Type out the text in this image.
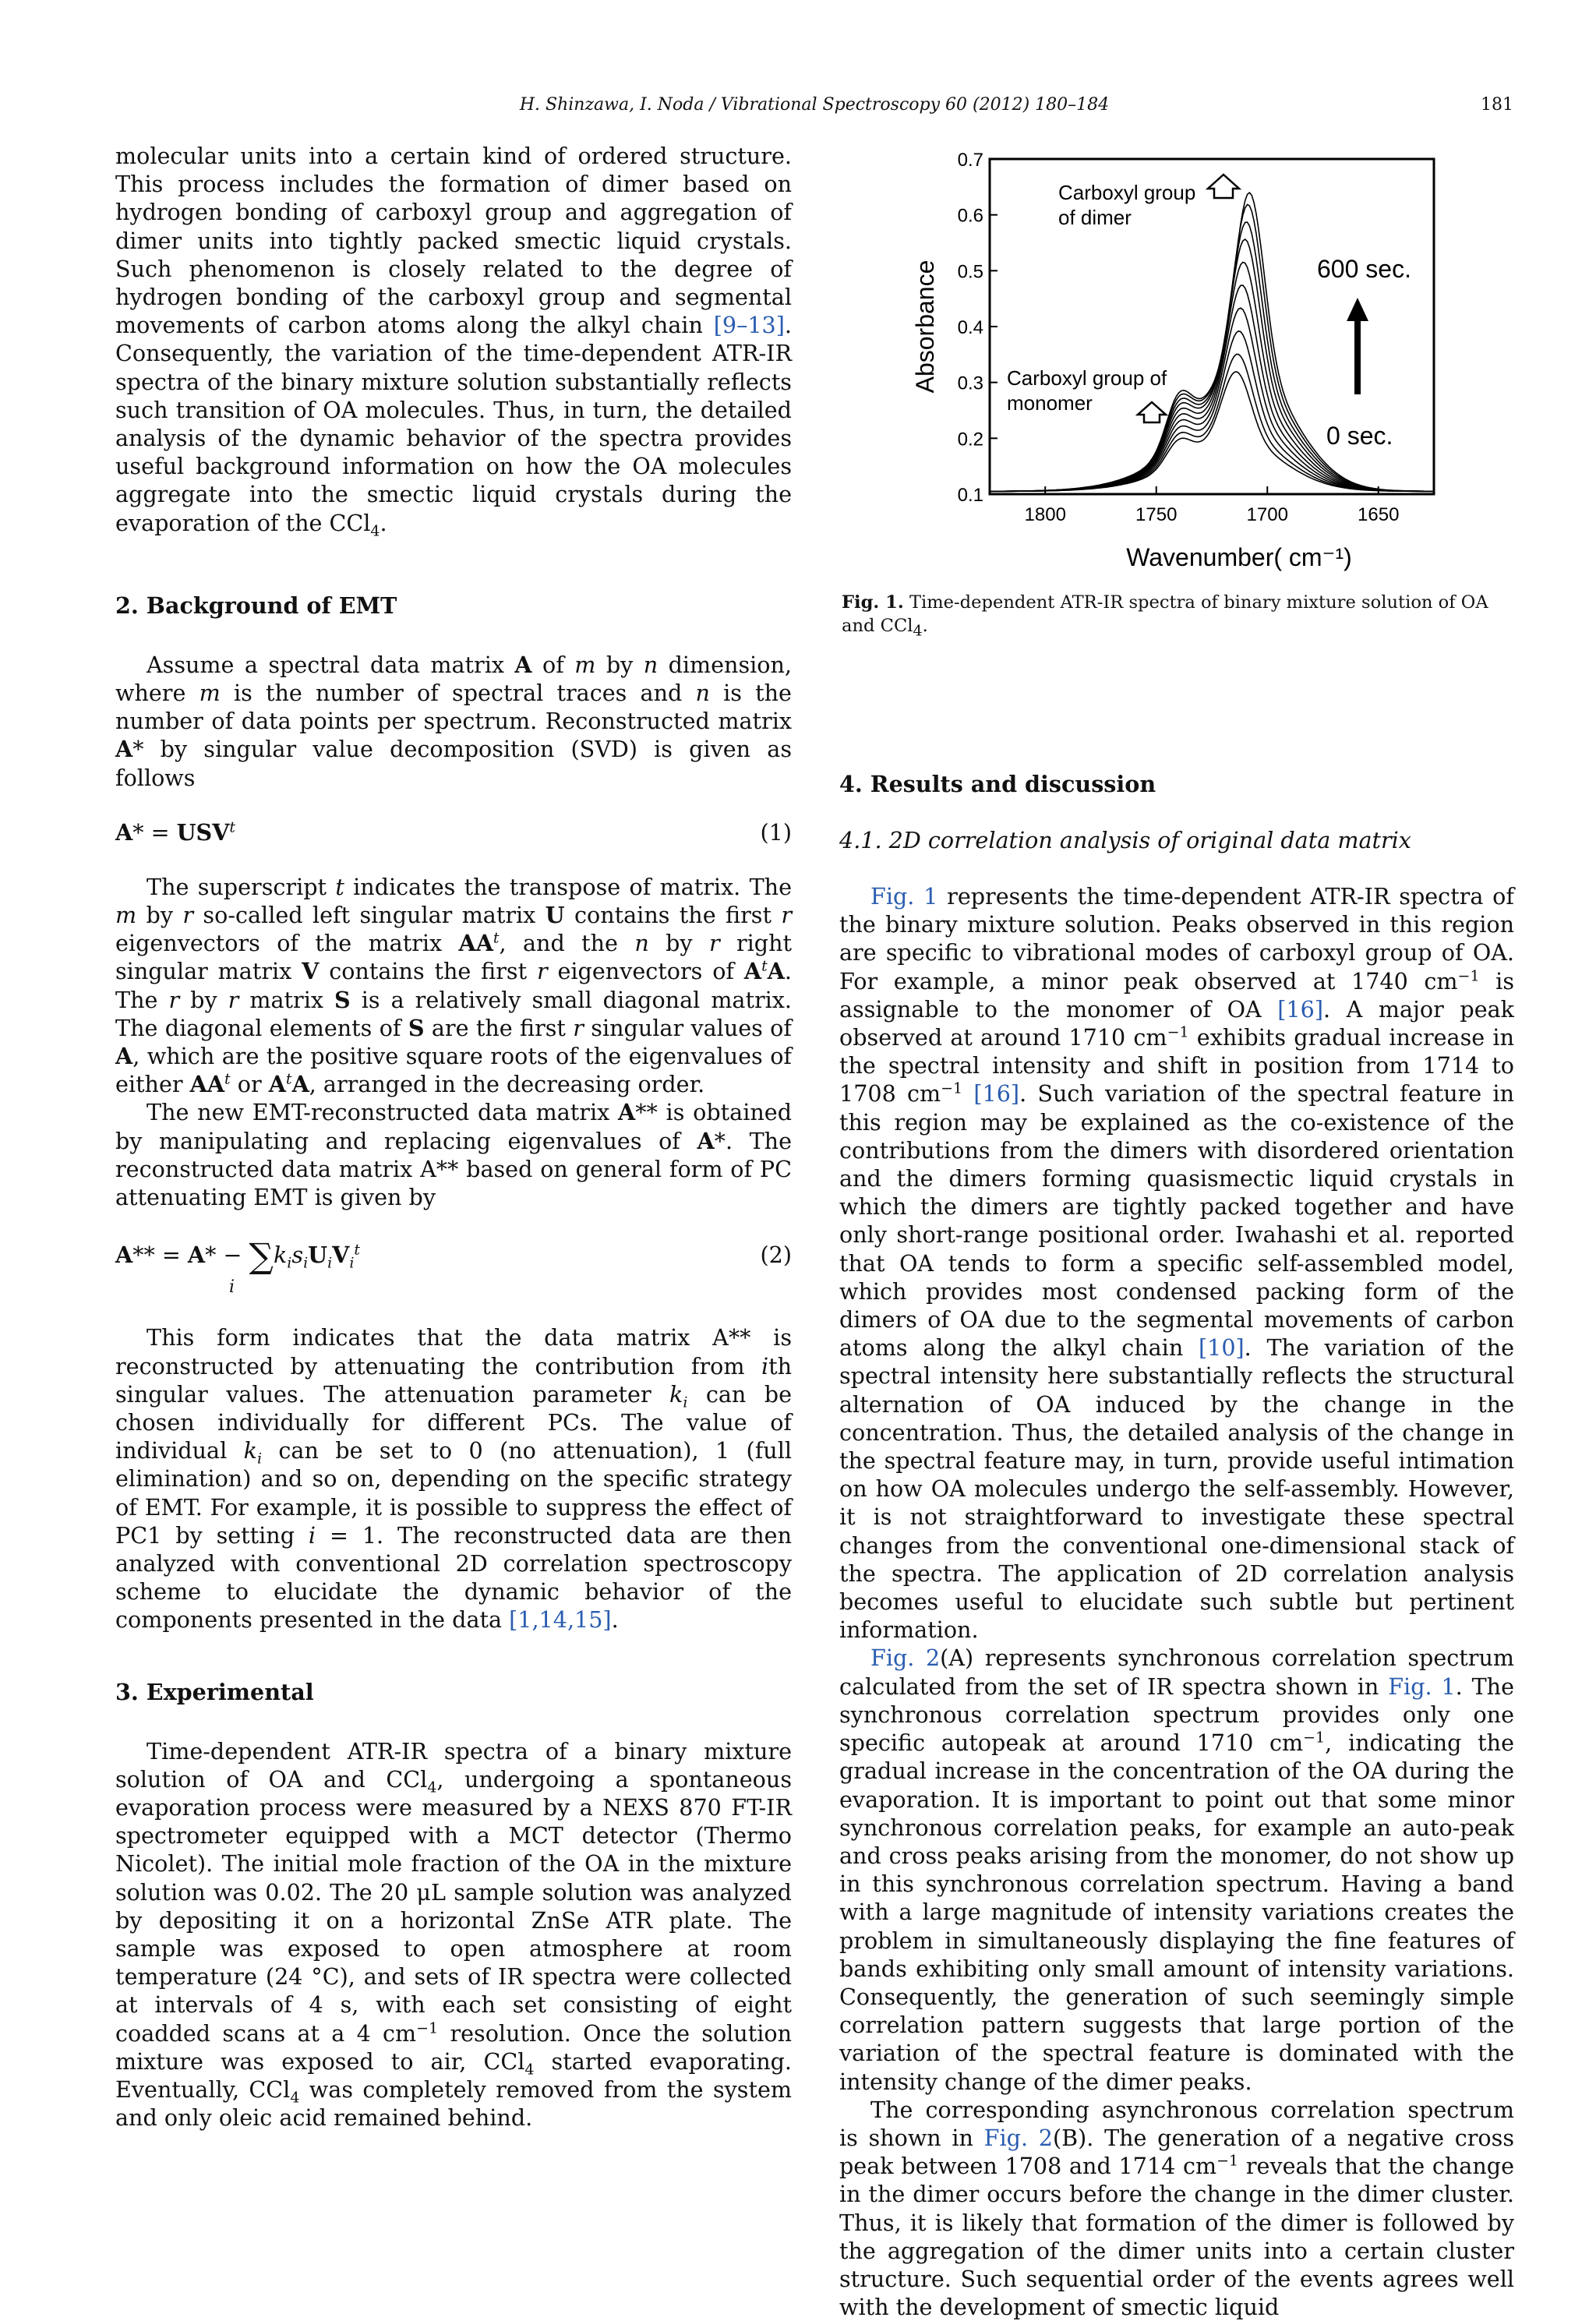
H. Shinzawa, I. Noda / Vibrational Spectroscopy 60 (2012) 180–184	181

molecular units into a certain kind of ordered structure. This process includes the formation of dimer based on hydrogen bonding of carboxyl group and aggregation of dimer units into tightly packed smectic liquid crystals. Such phenomenon is closely related to the degree of hydrogen bonding of the carboxyl group and segmental movements of carbon atoms along the alkyl chain [9–13]. Consequently, the variation of the time-dependent ATR-IR spectra of the binary mixture solution substantially reflects such transition of OA molecules. Thus, in turn, the detailed analysis of the dynamic behavior of the spectra provides useful background information on how the OA molecules aggregate into the smectic liquid crystals during the evaporation of the CCl$_4$.

2. Background of EMT

Assume a spectral data matrix A of m by n dimension, where m is the number of spectral traces and n is the number of data points per spectrum. Reconstructed matrix A* by singular value decomposition (SVD) is given as follows

$A* = USV^t$	(1)

The superscript t indicates the transpose of matrix. The m by r so-called left singular matrix U contains the first r eigenvectors of the matrix $AA^t$, and the n by r right singular matrix V contains the first r eigenvectors of $A^tA$. The r by r matrix S is a relatively small diagonal matrix. The diagonal elements of S are the first r singular values of A, which are the positive square roots of the eigenvalues of either $AA^t$ or $A^tA$, arranged in the decreasing order.

The new EMT-reconstructed data matrix A** is obtained by manipulating and replacing eigenvalues of A*. The reconstructed data matrix A** based on general form of PC attenuating EMT is given by

$A** = A* - \sum k_is_iU_iV_i^t$
i
(2)

This form indicates that the data matrix A** is reconstructed by attenuating the contribution from ith singular values. The attenuation parameter $k_i$ can be chosen individually for different PCs. The value of individual $k_i$ can be set to 0 (no attenuation), 1 (full elimination) and so on, depending on the specific strategy of EMT. For example, it is possible to suppress the effect of PC1 by setting i = 1. The reconstructed data are then analyzed with conventional 2D correlation spectroscopy scheme to elucidate the dynamic behavior of the components presented in the data [1,14,15].

3. Experimental

Time-dependent ATR-IR spectra of a binary mixture solution of OA and CCl$_4$, undergoing a spontaneous evaporation process were measured by a NEXS 870 FT-IR spectrometer equipped with a MCT detector (Thermo Nicolet). The initial mole fraction of the OA in the mixture solution was 0.02. The 20 μL sample solution was analyzed by depositing it on a horizontal ZnSe ATR plate. The sample was exposed to open atmosphere at room temperature (24 °C), and sets of IR spectra were collected at intervals of 4 s, with each set consisting of eight coadded scans at a 4 $cm^{-1}$ resolution. Once the solution mixture was exposed to air, CCl$_4$ started evaporating. Eventually, CCl$_4$ was completely removed from the system and only oleic acid remained behind.

0.1
0.2
0.3
0.4
0.5
0.6
0.7
1800	1750	1700	1650
Absorbance
Wavenumber( cm⁻¹)
Carboxyl group
of dimer
Carboxyl group of
monomer
600 sec.
0 sec.
Fig. 1. Time-dependent ATR-IR spectra of binary mixture solution of OA and CCl$_4$.
4. Results and discussion
4.1. 2D correlation analysis of original data matrix

Fig. 1 represents the time-dependent ATR-IR spectra of the binary mixture solution. Peaks observed in this region are specific to vibrational modes of carboxyl group of OA. For example, a minor peak observed at 1740 $cm^{-1}$ is assignable to the monomer of OA [16]. A major peak observed at around 1710 $cm^{-1}$ exhibits gradual increase in the spectral intensity and shift in position from 1714 to 1708 $cm^{-1}$ [16]. Such variation of the spectral feature in this region may be explained as the co-existence of the contributions from the dimers with disordered orientation and the dimers forming quasismectic liquid crystals in which the dimers are tightly packed together and have only short-range positional order. Iwahashi et al. reported that OA tends to form a specific self-assembled model, which provides most condensed packing form of the dimers of OA due to the segmental movements of carbon atoms along the alkyl chain [10]. The variation of the spectral intensity here substantially reflects the structural alternation of OA induced by the change in the concentration. Thus, the detailed analysis of the change in the spectral feature may, in turn, provide useful intimation on how OA molecules undergo the self-assembly. However, it is not straightforward to investigate these spectral changes from the conventional one-dimensional stack of the spectra. The application of 2D correlation analysis becomes useful to elucidate such subtle but pertinent information.

Fig. 2(A) represents synchronous correlation spectrum calculated from the set of IR spectra shown in Fig. 1. The synchronous correlation spectrum provides only one specific autopeak at around 1710 $cm^{-1}$, indicating the gradual increase in the concentration of the OA during the evaporation. It is important to point out that some minor synchronous correlation peaks, for example an auto-peak and cross peaks arising from the monomer, do not show up in this synchronous correlation spectrum. Having a band with a large magnitude of intensity variations creates the problem in simultaneously displaying the fine features of bands exhibiting only small amount of intensity variations. Consequently, the generation of such seemingly simple correlation pattern suggests that large portion of the variation of the spectral feature is dominated with the intensity change of the dimer peaks.

The corresponding asynchronous correlation spectrum is shown in Fig. 2(B). The generation of a negative cross peak between 1708 and 1714 $cm^{-1}$ reveals that the change in the dimer occurs before the change in the dimer cluster. Thus, it is likely that formation of the dimer is followed by the aggregation of the dimer units into a certain cluster structure. Such sequential order of the events agrees well with the development of smectic liquid
